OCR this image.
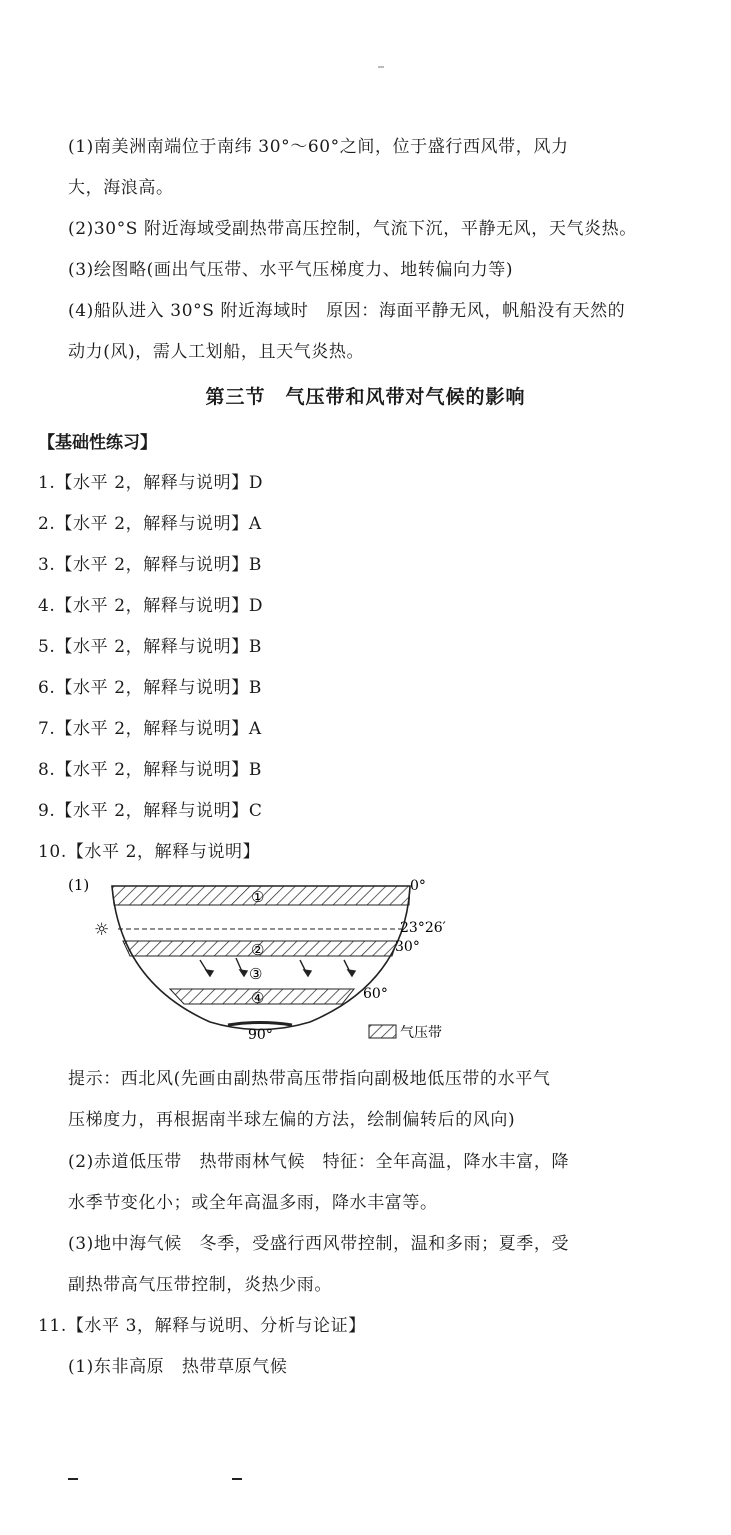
(1)南美洲南端位于南纬 30°～60°之间，位于盛行西风带，风力
大，海浪高。
(2)30°S 附近海域受副热带高压控制，气流下沉，平静无风，天气炎热。
(3)绘图略(画出气压带、水平气压梯度力、地转偏向力等)
(4)船队进入 30°S 附近海域时　原因：海面平静无风，帆船没有天然的
动力(风)，需人工划船，且天气炎热。
第三节　气压带和风带对气候的影响
【基础性练习】
1.【水平 2，解释与说明】D
2.【水平 2，解释与说明】A
3.【水平 2，解释与说明】B
4.【水平 2，解释与说明】D
5.【水平 2，解释与说明】B
6.【水平 2，解释与说明】B
7.【水平 2，解释与说明】A
8.【水平 2，解释与说明】B
9.【水平 2，解释与说明】C
10.【水平 2，解释与说明】
(1)
①
②
③
④
☼
0°
23°26′
30°
60°
90°	气压带
提示：西北风(先画由副热带高压带指向副极地低压带的水平气
压梯度力，再根据南半球左偏的方法，绘制偏转后的风向)
(2)赤道低压带　热带雨林气候　特征：全年高温，降水丰富，降
水季节变化小；或全年高温多雨，降水丰富等。
(3)地中海气候　冬季，受盛行西风带控制，温和多雨；夏季，受
副热带高气压带控制，炎热少雨。
11.【水平 3，解释与说明、分析与论证】
(1)东非高原　热带草原气候
